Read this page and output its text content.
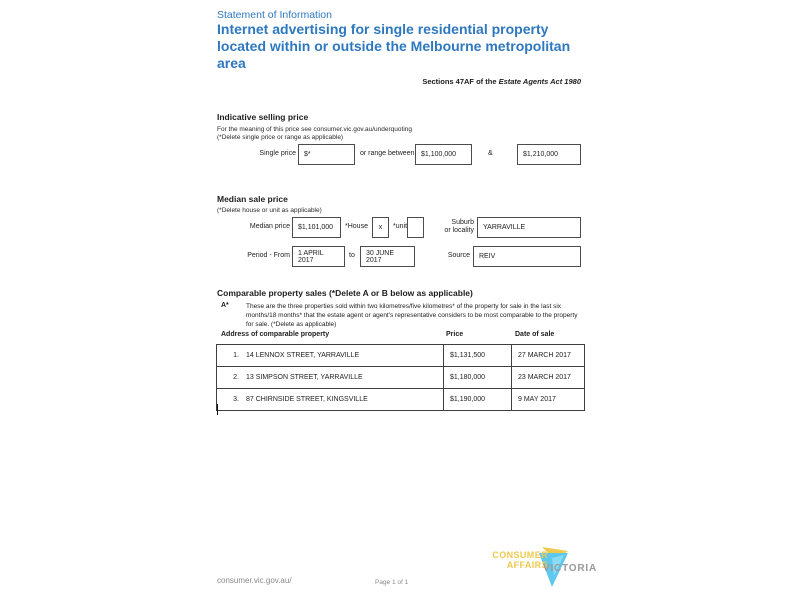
Statement of Information
Internet advertising for single residential property located within or outside the Melbourne metropolitan area
Sections 47AF of the Estate Agents Act 1980
Indicative selling price
For the meaning of this price see consumer.vic.gov.au/underquoting
(*Delete single price or range as applicable)
Single price	$*	or range between $1,100,000	&	$1,210,000
Median sale price
(*Delete house or unit as applicable)
Median price	$1,101,000	*House	x	*unit
Suburb
or locality	YARRAVILLE
Period - From	1 APRIL 2017
to	30 JUNE 2017
Source	REIV
Comparable property sales (*Delete A or B below as applicable)
A*	These are the three properties sold within two kilometres/five kilometres* of the property for sale in the last six months/18 months* that the estate agent or agent's representative considers to be most comparable to the property for sale. (*Delete as applicable)
Address of comparable property	Price	Date of sale
1. 14 LENNOX STREET, YARRAVILLE	$1,131,500	27 MARCH 2017
2. 13 SIMPSON STREET, YARRAVILLE	$1,180,000	23 MARCH 2017
3. 87 CHIRNSIDE STREET, KINGSVILLE	$1,190,000	9 MAY 2017
consumer.vic.gov.au/	Page 1 of 1
CONSUMER
AFFAIRS
VICTORIA
